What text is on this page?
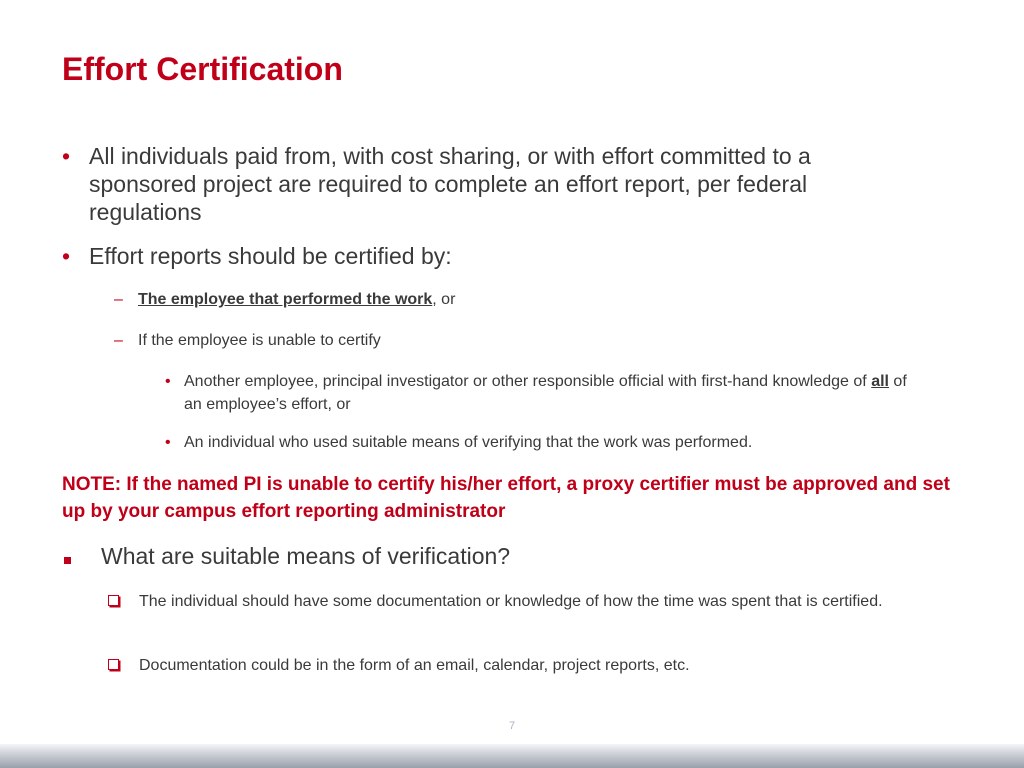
Effort Certification
• All individuals paid from, with cost sharing, or with effort committed to a sponsored project are required to complete an effort report, per federal regulations
• Effort reports should be certified by:
– The employee that performed the work, or
– If the employee is unable to certify
• Another employee, principal investigator or other responsible official with first-hand knowledge of all of an employee’s effort, or
• An individual who used suitable means of verifying that the work was performed.
NOTE: If the named PI is unable to certify his/her effort, a proxy certifier must be approved and set up by your campus effort reporting administrator
What are suitable means of verification?
The individual should have some documentation or knowledge of how the time was spent that is certified.
Documentation could be in the form of an email, calendar, project reports, etc.
7
